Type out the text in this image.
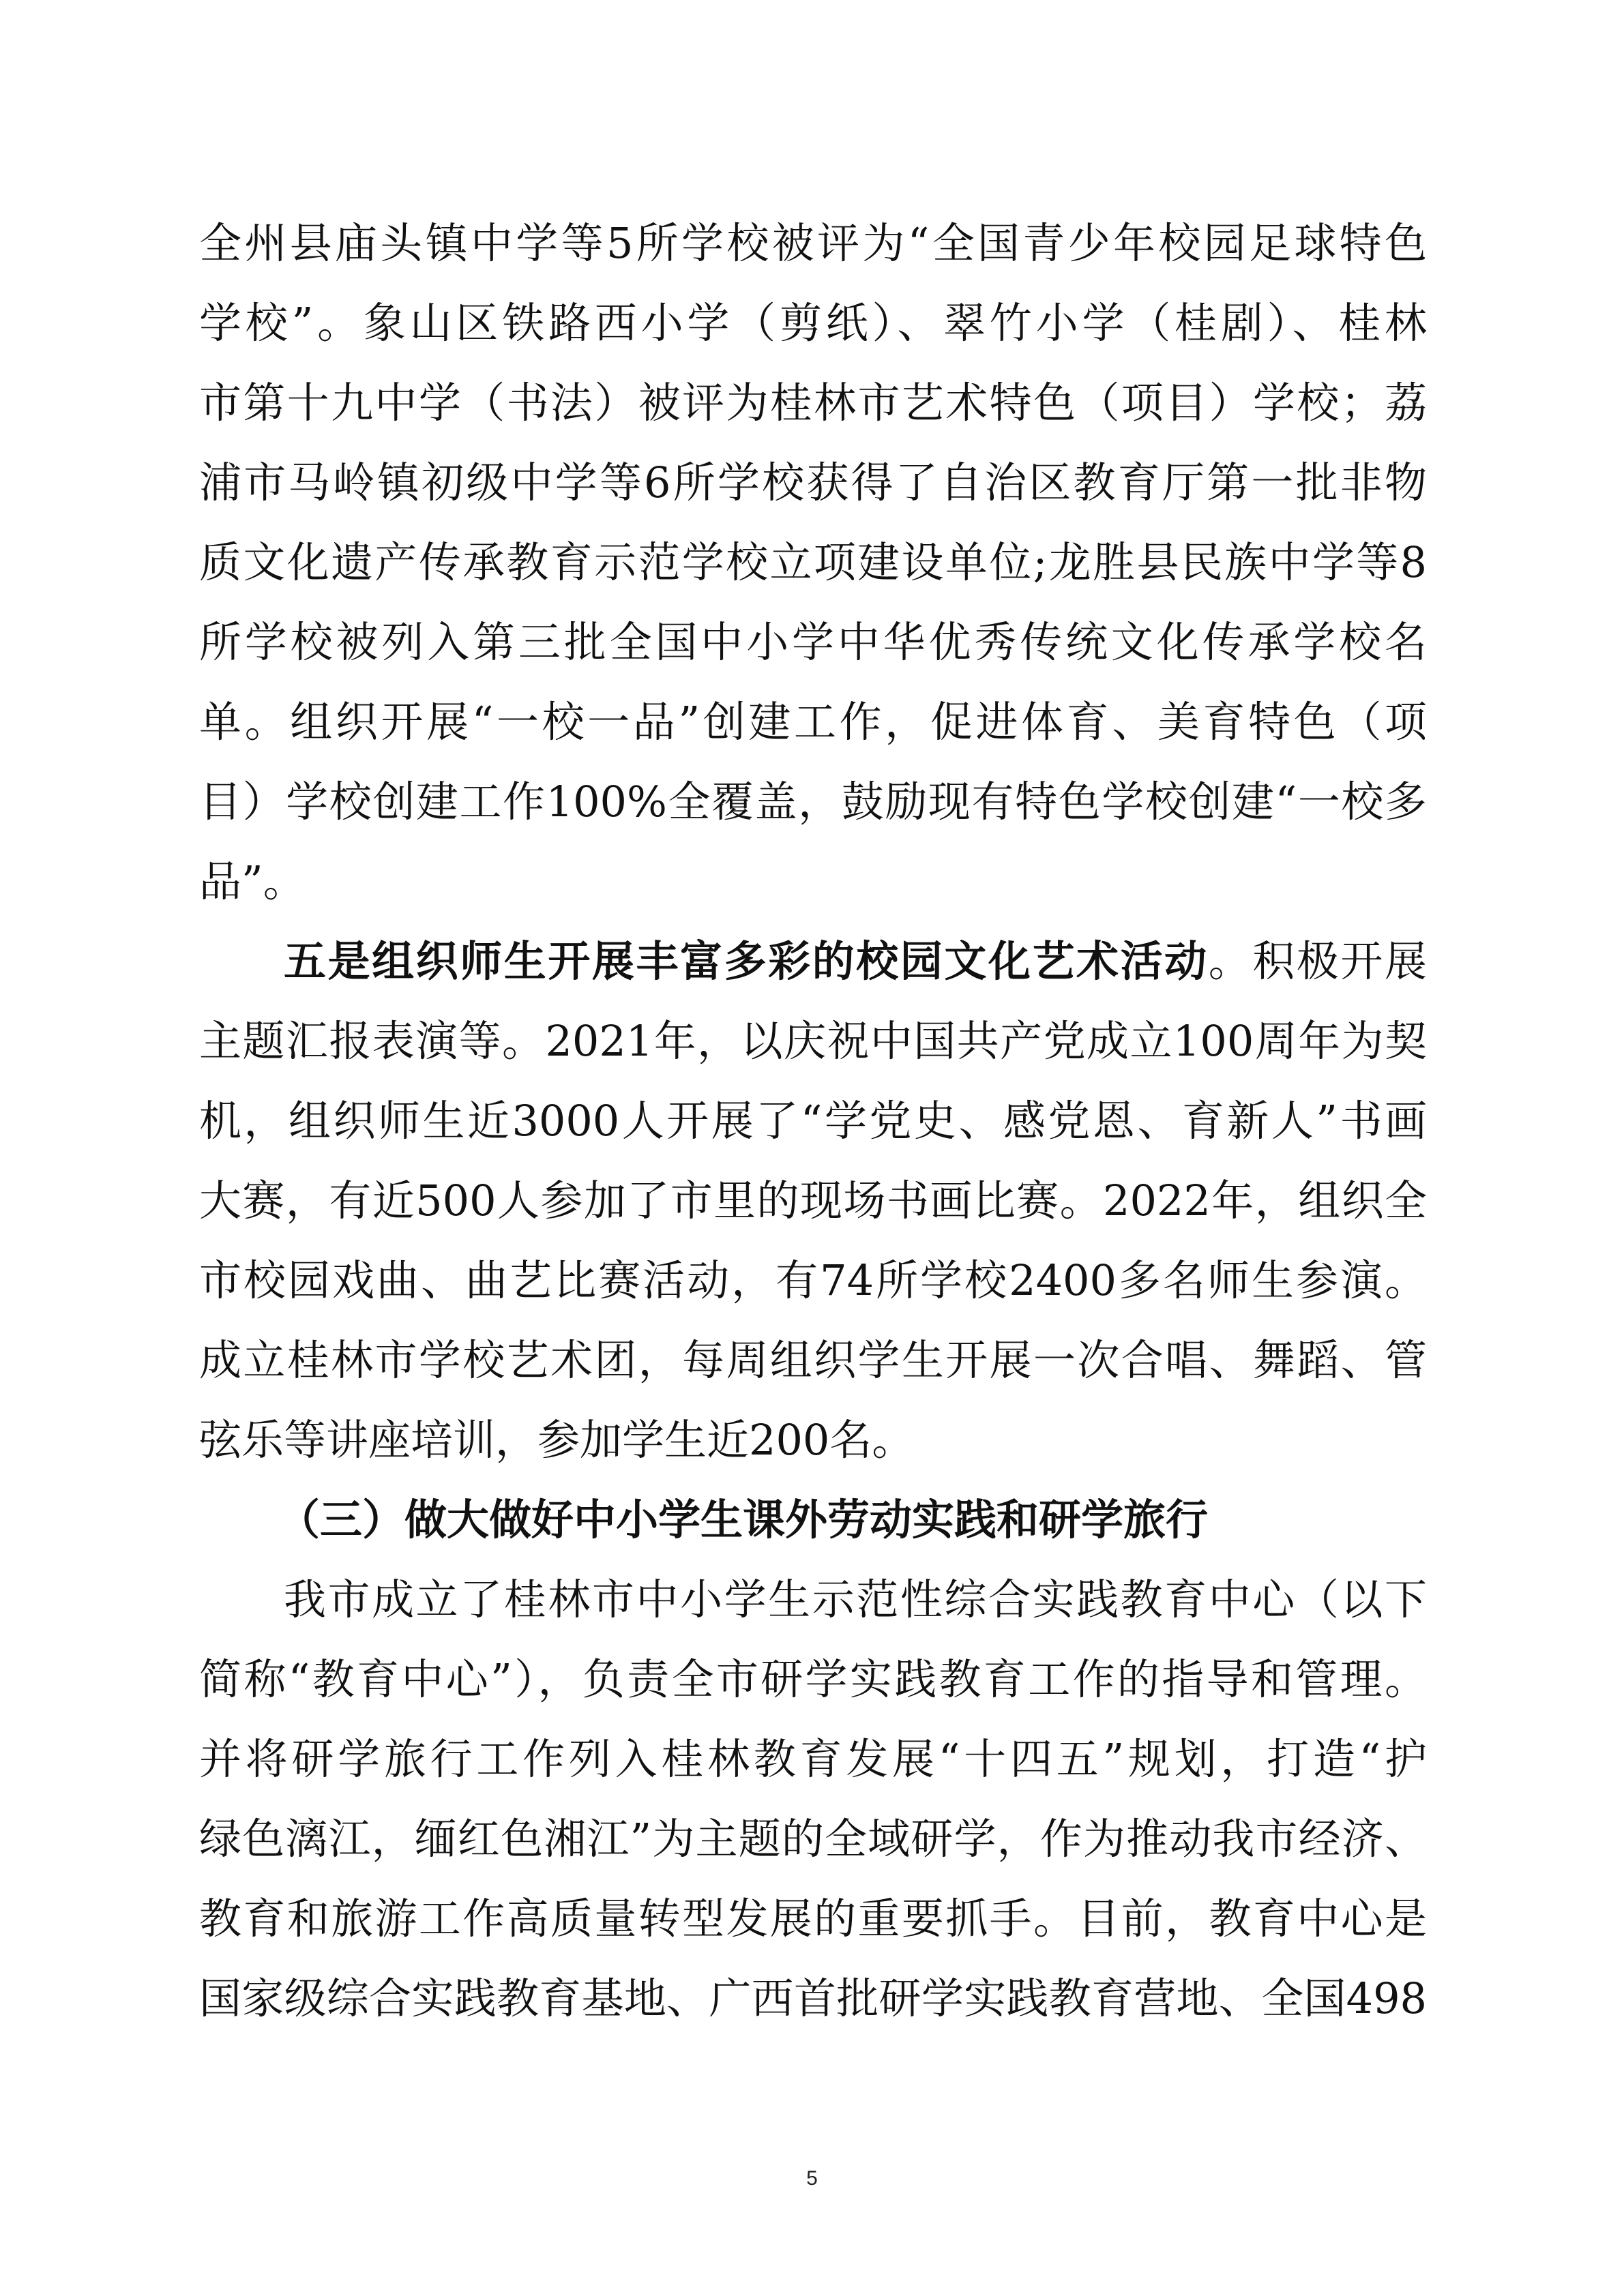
全州县庙头镇中学等5所学校被评为“全国青少年校园足球特色

学校”。象山区铁路西小学（剪纸）、翠竹小学（桂剧）、桂林

市第十九中学（书法）被评为桂林市艺术特色（项目）学校；荔

浦市马岭镇初级中学等6所学校获得了自治区教育厅第一批非物

质文化遗产传承教育示范学校立项建设单位;龙胜县民族中学等8

所学校被列入第三批全国中小学中华优秀传统文化传承学校名

单。组织开展“一校一品”创建工作，促进体育、美育特色（项

目）学校创建工作100%全覆盖，鼓励现有特色学校创建“一校多

品”。

五是组织师生开展丰富多彩的校园文化艺术活动。积极开展

主题汇报表演等。2021年，以庆祝中国共产党成立100周年为契

机，组织师生近3000人开展了“学党史、感党恩、育新人”书画

大赛，有近500人参加了市里的现场书画比赛。2022年，组织全

市校园戏曲、曲艺比赛活动，有74所学校2400多名师生参演。

成立桂林市学校艺术团，每周组织学生开展一次合唱、舞蹈、管

弦乐等讲座培训，参加学生近200名。

（三）做大做好中小学生课外劳动实践和研学旅行

我市成立了桂林市中小学生示范性综合实践教育中心（以下

简称“教育中心”），负责全市研学实践教育工作的指导和管理。

并将研学旅行工作列入桂林教育发展“十四五”规划，打造“护

绿色漓江，缅红色湘江”为主题的全域研学，作为推动我市经济、

教育和旅游工作高质量转型发展的重要抓手。目前，教育中心是

国家级综合实践教育基地、广西首批研学实践教育营地、全国498

5
